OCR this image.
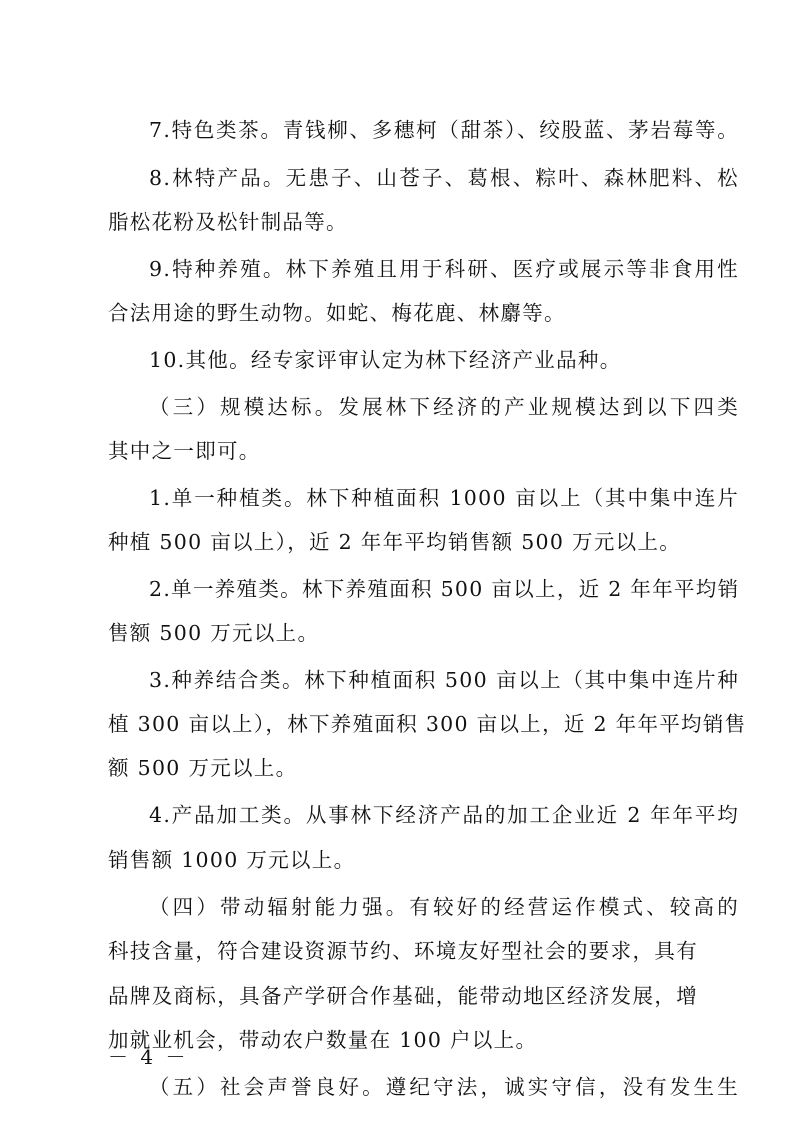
7.特色类茶。青钱柳、多穗柯（甜茶）、绞股蓝、茅岩莓等。
8.林特产品。无患子、山苍子、葛根、粽叶、森林肥料、松
脂松花粉及松针制品等。
9.特种养殖。林下养殖且用于科研、医疗或展示等非食用性
合法用途的野生动物。如蛇、梅花鹿、林麝等。
10.其他。经专家评审认定为林下经济产业品种。
（三）规模达标。发展林下经济的产业规模达到以下四类
其中之一即可。
1.单一种植类。林下种植面积 1000 亩以上（其中集中连片
种植 500 亩以上），近 2 年年平均销售额 500 万元以上。
2.单一养殖类。林下养殖面积 500 亩以上，近 2 年年平均销
售额 500 万元以上。
3.种养结合类。林下种植面积 500 亩以上（其中集中连片种
植 300 亩以上），林下养殖面积 300 亩以上，近 2 年年平均销售
额 500 万元以上。
4.产品加工类。从事林下经济产品的加工企业近 2 年年平均
销售额 1000 万元以上。
（四）带动辐射能力强。有较好的经营运作模式、较高的
科技含量，符合建设资源节约、环境友好型社会的要求，具有
品牌及商标，具备产学研合作基础，能带动地区经济发展，增
加就业机会，带动农户数量在 100 户以上。
（五）社会声誉良好。遵纪守法，诚实守信，没有发生生
－ 4 －
